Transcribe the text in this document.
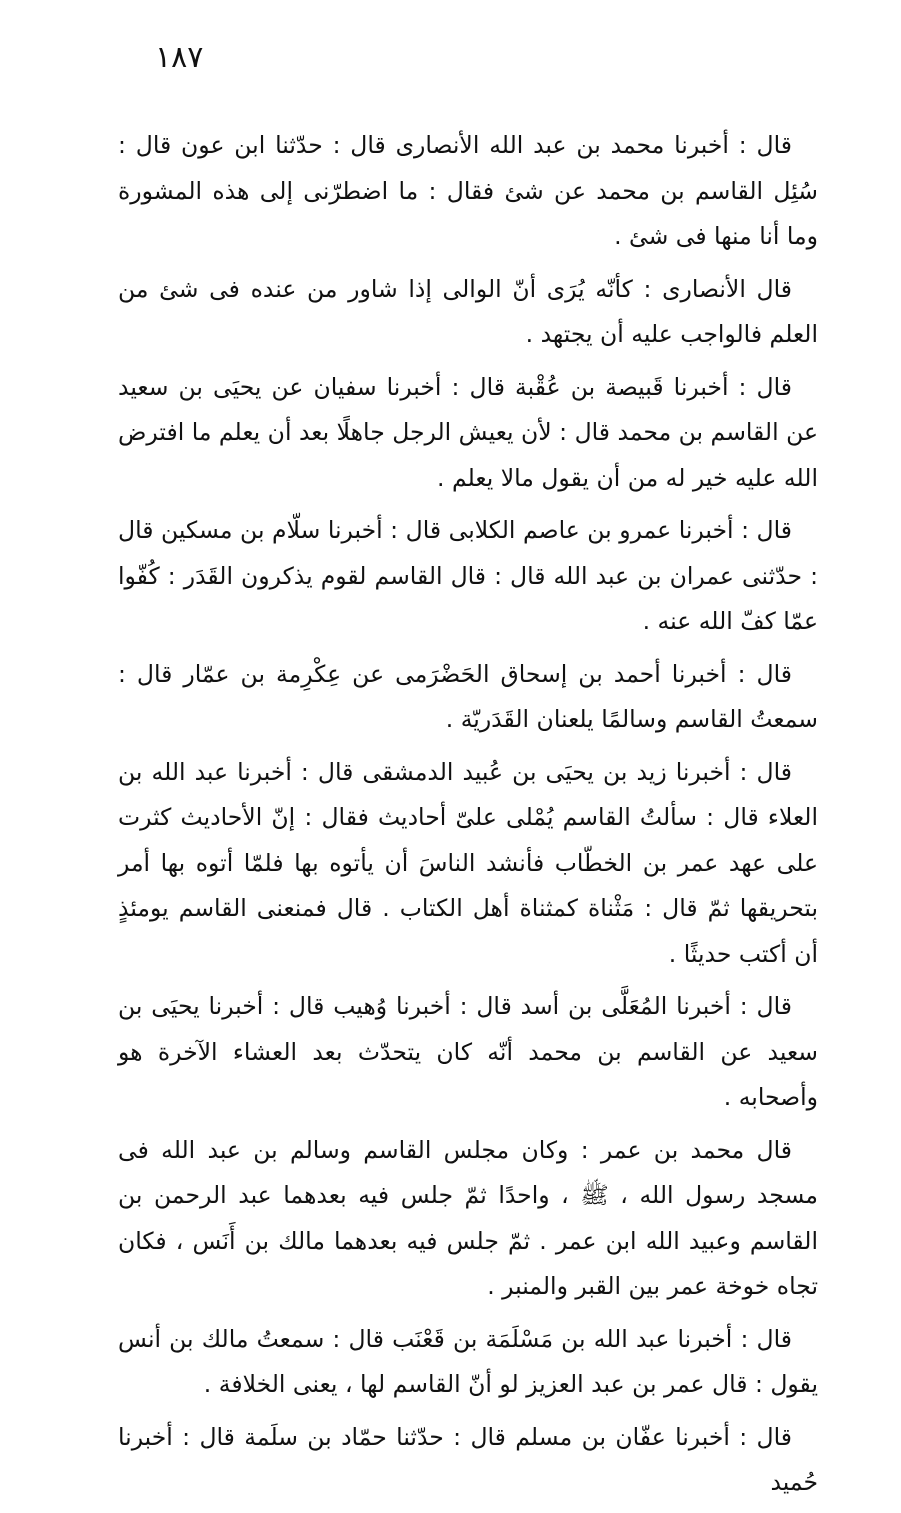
١٨٧

قال : أخبرنا محمد بن عبد الله الأنصارى قال : حدّثنا ابن عون قال : سُئِل القاسم بن محمد عن شئ فقال : ما اضطرّنى إلى هذه المشورة وما أنا منها فى شئ .

قال الأنصارى : كأنّه يُرَى أنّ الوالى إذا شاور من عنده فى شئ من العلم فالواجب عليه أن يجتهد .

قال : أخبرنا قَبيصة بن عُقْبة قال : أخبرنا سفيان عن يحيَى بن سعيد عن القاسم بن محمد قال : لأن يعيش الرجل جاهلًا بعد أن يعلم ما افترض الله عليه خير له من أن يقول مالا يعلم .

قال : أخبرنا عمرو بن عاصم الكلابى قال : أخبرنا سلّام بن مسكين قال : حدّثنى عمران بن عبد الله قال : قال القاسم لقوم يذكرون القَدَر : كُفّوا عمّا كفّ الله عنه .

قال : أخبرنا أحمد بن إسحاق الحَضْرَمى عن عِكْرِمة بن عمّار قال : سمعتُ القاسم وسالمًا يلعنان القَدَريّة .

قال : أخبرنا زيد بن يحيَى بن عُبيد الدمشقى قال : أخبرنا عبد الله بن العلاء قال : سألتُ القاسم يُمْلى علىّ أحاديث فقال : إنّ الأحاديث كثرت على عهد عمر بن الخطّاب فأنشد الناسَ أن يأتوه بها فلمّا أتوه بها أمر بتحريقها ثمّ قال : مَثْناة كمثناة أهل الكتاب . قال فمنعنى القاسم يومئذٍ أن أكتب حديثًا .

قال : أخبرنا المُعَلَّى بن أسد قال : أخبرنا وُهيب قال : أخبرنا يحيَى بن سعيد عن القاسم بن محمد أنّه كان يتحدّث بعد العشاء الآخرة هو وأصحابه .

قال محمد بن عمر : وكان مجلس القاسم وسالم بن عبد الله فى مسجد رسول الله ، ﷺ ، واحدًا ثمّ جلس فيه بعدهما عبد الرحمن بن القاسم وعبيد الله ابن عمر . ثمّ جلس فيه بعدهما مالك بن أَنَس ، فكان تجاه خوخة عمر بين القبر والمنبر .

قال : أخبرنا عبد الله بن مَسْلَمَة بن قَعْنَب قال : سمعتُ مالك بن أنس يقول : قال عمر بن عبد العزيز لو أنّ القاسم لها ، يعنى الخلافة .

قال : أخبرنا عفّان بن مسلم قال : حدّثنا حمّاد بن سلَمة قال : أخبرنا حُميد
